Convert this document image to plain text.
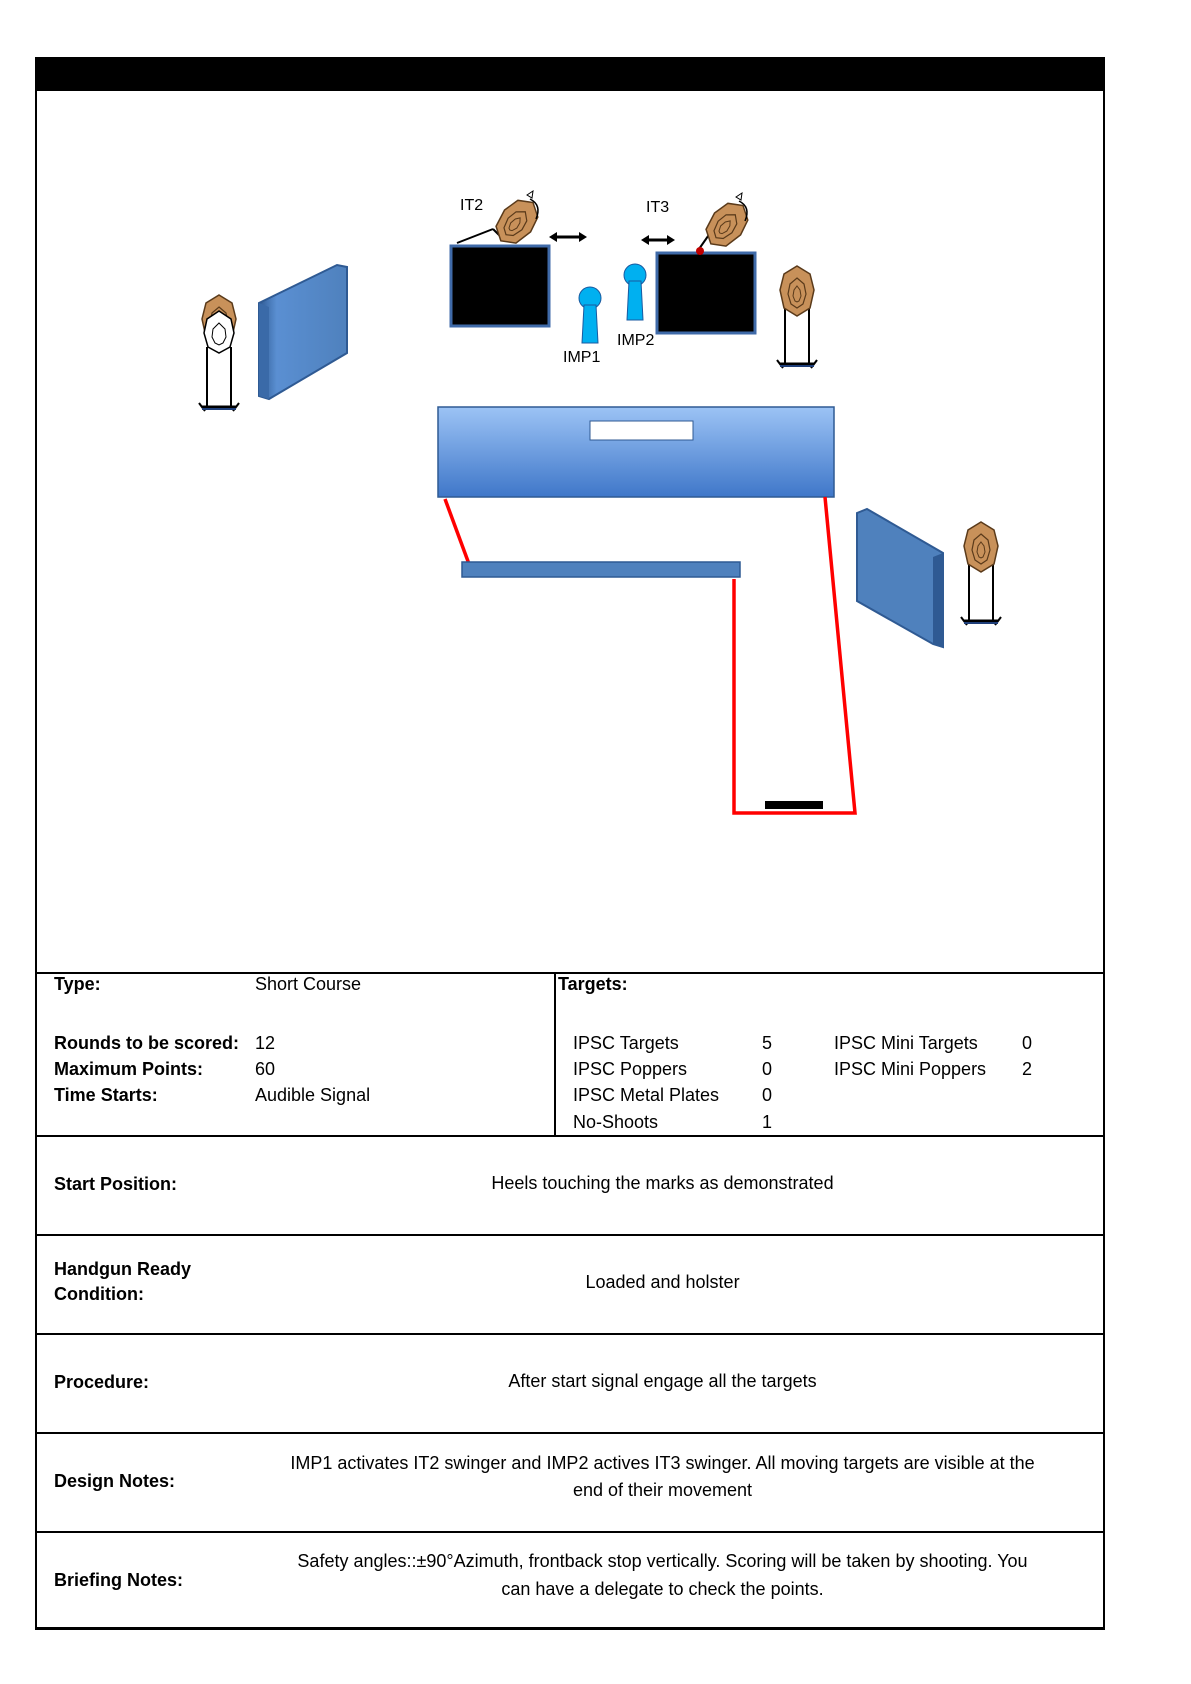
IT2
IMP1
IMP2
IT3
Type:	Short Course
Rounds to be scored: 12
Maximum Points:	60
Time Starts:	Audible Signal
Targets:
IPSC Targets	5
IPSC Poppers	0
IPSC Metal Plates 0
No-Shoots	1
IPSC Mini Targets 0
IPSC Mini Poppers 2
Start Position:	Heels touching the marks as demonstrated
Handgun Ready
Condition:
Loaded and holster
Procedure:	After start signal engage all the targets
Design Notes:
IMP1 activates IT2 swinger and IMP2 actives IT3 swinger. All moving targets are visible at the
end of their movement
Briefing Notes:
Safety angles::±90°Azimuth, frontback stop vertically. Scoring will be taken by shooting. You
can have a delegate to check the points.
